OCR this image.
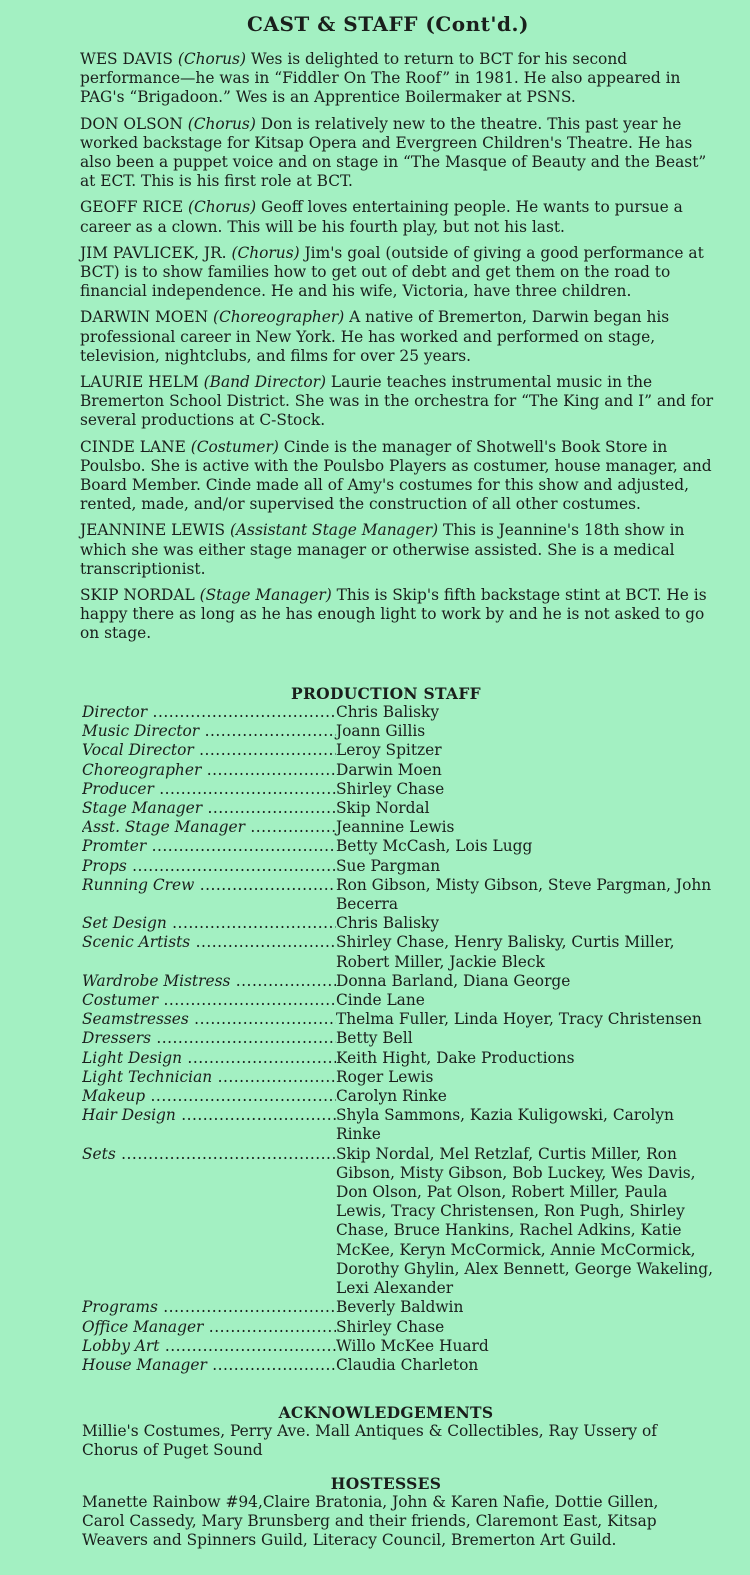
CAST & STAFF (Cont'd.)

WES DAVIS (Chorus) Wes is delighted to return to BCT for his second performance—he was in “Fiddler On The Roof” in 1981. He also appeared in PAG's “Brigadoon.” Wes is an Apprentice Boilermaker at PSNS.

DON OLSON (Chorus) Don is relatively new to the theatre. This past year he worked backstage for Kitsap Opera and Evergreen Children's Theatre. He has also been a puppet voice and on stage in “The Masque of Beauty and the Beast” at ECT. This is his first role at BCT.

GEOFF RICE (Chorus) Geoff loves entertaining people. He wants to pursue a career as a clown. This will be his fourth play, but not his last.

JIM PAVLICEK, JR. (Chorus) Jim's goal (outside of giving a good performance at BCT) is to show families how to get out of debt and get them on the road to financial independence. He and his wife, Victoria, have three children.

DARWIN MOEN (Choreographer) A native of Bremerton, Darwin began his professional career in New York. He has worked and performed on stage, television, nightclubs, and films for over 25 years.

LAURIE HELM (Band Director) Laurie teaches instrumental music in the Bremerton School District. She was in the orchestra for “The King and I” and for several productions at C-Stock.

CINDE LANE (Costumer) Cinde is the manager of Shotwell's Book Store in Poulsbo. She is active with the Poulsbo Players as costumer, house manager, and Board Member. Cinde made all of Amy's costumes for this show and adjusted, rented, made, and/or supervised the construction of all other costumes.

JEANNINE LEWIS (Assistant Stage Manager) This is Jeannine's 18th show in which she was either stage manager or otherwise assisted. She is a medical transcriptionist.

SKIP NORDAL (Stage Manager) This is Skip's fifth backstage stint at BCT. He is happy there as long as he has enough light to work by and he is not asked to go on stage.

PRODUCTION STAFF
Director .....	Chris Balisky
Music Director .....	Joann Gillis
Vocal Director .....	Leroy Spitzer
Choreographer .....	Darwin Moen
Producer .....	Shirley Chase
Stage Manager .....	Skip Nordal
Asst. Stage Manager .....	Jeannine Lewis
Promter .....	Betty McCash, Lois Lugg
Props .....	Sue Pargman
Running Crew .....	Ron Gibson, Misty Gibson, Steve Pargman, John Becerra
Set Design .....	Chris Balisky
Scenic Artists .....	Shirley Chase, Henry Balisky, Curtis Miller, Robert Miller, Jackie Bleck
Wardrobe Mistress .....	Donna Barland, Diana George
Costumer .....	Cinde Lane
Seamstresses .....	Thelma Fuller, Linda Hoyer, Tracy Christensen
Dressers .....	Betty Bell
Light Design .....	Keith Hight, Dake Productions
Light Technician .....	Roger Lewis
Makeup .....	Carolyn Rinke
Hair Design .....	Shyla Sammons, Kazia Kuligowski, Carolyn Rinke
Sets .....	Skip Nordal, Mel Retzlaf, Curtis Miller, Ron Gibson, Misty Gibson, Bob Luckey, Wes Davis, Don Olson, Pat Olson, Robert Miller, Paula Lewis, Tracy Christensen, Ron Pugh, Shirley Chase, Bruce Hankins, Rachel Adkins, Katie McKee, Keryn McCormick, Annie McCormick, Dorothy Ghylin, Alex Bennett, George Wakeling, Lexi Alexander
Programs .....	Beverly Baldwin
Office Manager .....	Shirley Chase
Lobby Art .....	Willo McKee Huard
House Manager .....	Claudia Charleton
ACKNOWLEDGEMENTS
Millie's Costumes, Perry Ave. Mall Antiques & Collectibles, Ray Ussery of Chorus of Puget Sound
HOSTESSES
Manette Rainbow #94,Claire Bratonia, John & Karen Nafie, Dottie Gillen, Carol Cassedy, Mary Brunsberg and their friends, Claremont East, Kitsap Weavers and Spinners Guild, Literacy Council, Bremerton Art Guild.
